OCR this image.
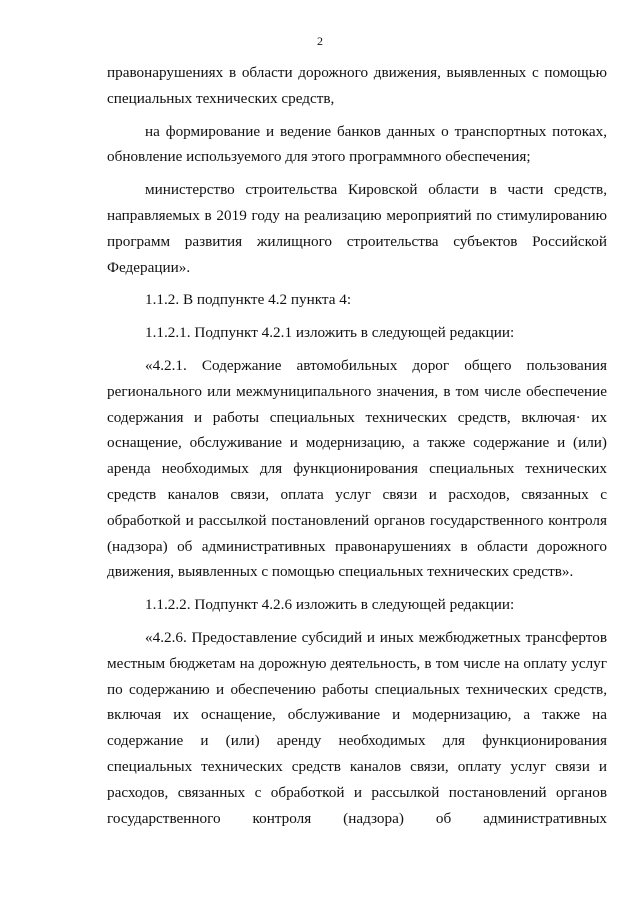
2
правонарушениях в области дорожного движения, выявленных с помощью
специальных технических средств,
на формирование и ведение банков данных о транспортных потоках,
обновление используемого для этого программного обеспечения;
министерство строительства Кировской области в части средств,
направляемых в 2019 году на реализацию мероприятий по стимулированию
программ развития жилищного строительства субъектов Российской
Федерации».
1.1.2. В подпункте 4.2 пункта 4:
1.1.2.1. Подпункт 4.2.1 изложить в следующей редакции:
«4.2.1. Содержание автомобильных дорог общего пользования
регионального или межмуниципального значения, в том числе обеспечение
содержания и работы специальных технических средств, включая· их
оснащение, обслуживание и модернизацию, а также содержание и (или)
аренда необходимых для функционирования специальных технических
средств каналов связи, оплата услуг связи и расходов, связанных с
обработкой и рассылкой постановлений органов государственного контроля
(надзора) об административных правонарушениях в области дорожного
движения, выявленных с помощью специальных технических средств».
1.1.2.2. Подпункт 4.2.6 изложить в следующей редакции:
«4.2.6. Предоставление субсидий и иных межбюджетных трансфертов
местным бюджетам на дорожную деятельность, в том числе на оплату услуг
по содержанию и обеспечению работы специальных технических средств,
включая их оснащение, обслуживание и модернизацию, а также на
содержание и (или) аренду необходимых для функционирования
специальных технических средств каналов связи, оплату услуг связи и
расходов, связанных с обработкой и рассылкой постановлений органов
государственного контроля (надзора) об административных
